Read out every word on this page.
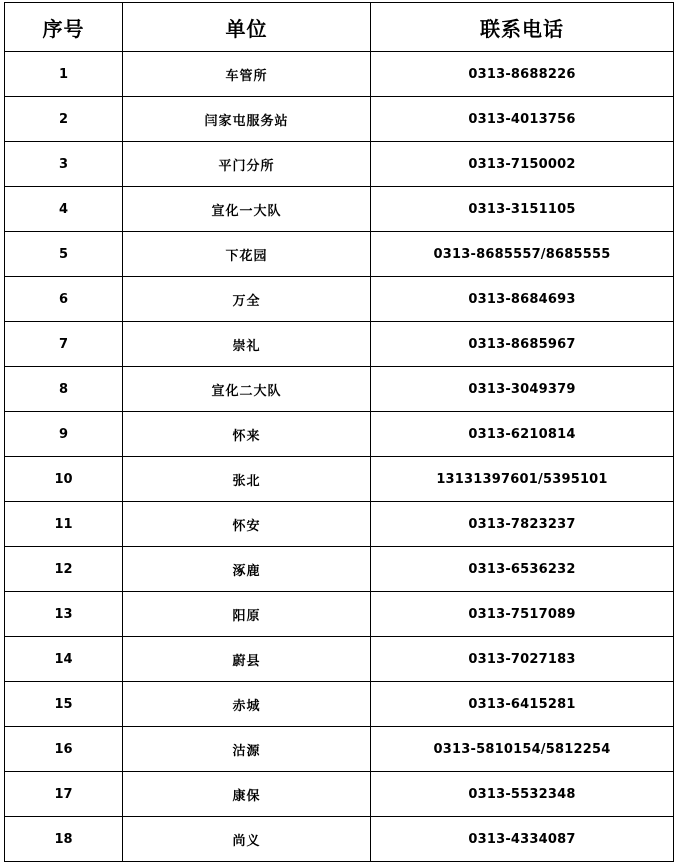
序号	单位	联系电话
1	车管所	0313-8688226
2	闫家屯服务站	0313-4013756
3	平门分所	0313-7150002
4	宣化一大队	0313-3151105
5	下花园	0313-8685557/8685555
6	万全	0313-8684693
7	崇礼	0313-8685967
8	宣化二大队	0313-3049379
9	怀来	0313-6210814
10	张北	13131397601/5395101
11	怀安	0313-7823237
12	涿鹿	0313-6536232
13	阳原	0313-7517089
14	蔚县	0313-7027183
15	赤城	0313-6415281
16	沽源	0313-5810154/5812254
17	康保	0313-5532348
18	尚义	0313-4334087
